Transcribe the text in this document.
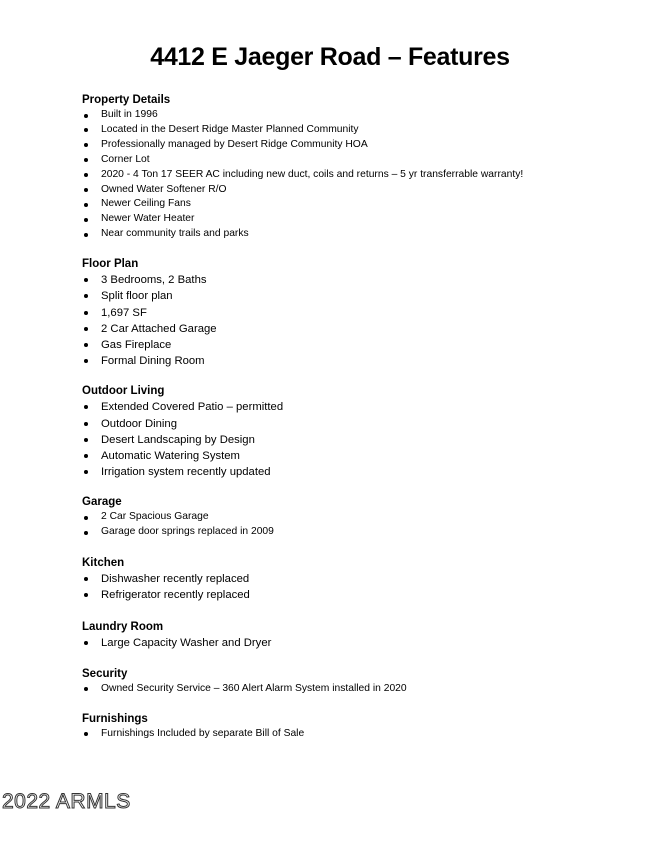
4412 E Jaeger Road – Features
Property Details
Built in 1996
Located in the Desert Ridge Master Planned Community
Professionally managed by Desert Ridge Community HOA
Corner Lot
2020 - 4 Ton 17 SEER AC including new duct, coils and returns – 5 yr transferrable warranty!
Owned Water Softener R/O
Newer Ceiling Fans
Newer Water Heater
Near community trails and parks
Floor Plan
3 Bedrooms, 2 Baths
Split floor plan
1,697 SF
2 Car Attached Garage
Gas Fireplace
Formal Dining Room
Outdoor Living
Extended Covered Patio – permitted
Outdoor Dining
Desert Landscaping by Design
Automatic Watering System
Irrigation system recently updated
Garage
2 Car Spacious Garage
Garage door springs replaced in 2009
Kitchen
Dishwasher recently replaced
Refrigerator recently replaced
Laundry Room
Large Capacity Washer and Dryer
Security
Owned Security Service – 360 Alert Alarm System installed in 2020
Furnishings
Furnishings Included by separate Bill of Sale
2022 ARMLS
